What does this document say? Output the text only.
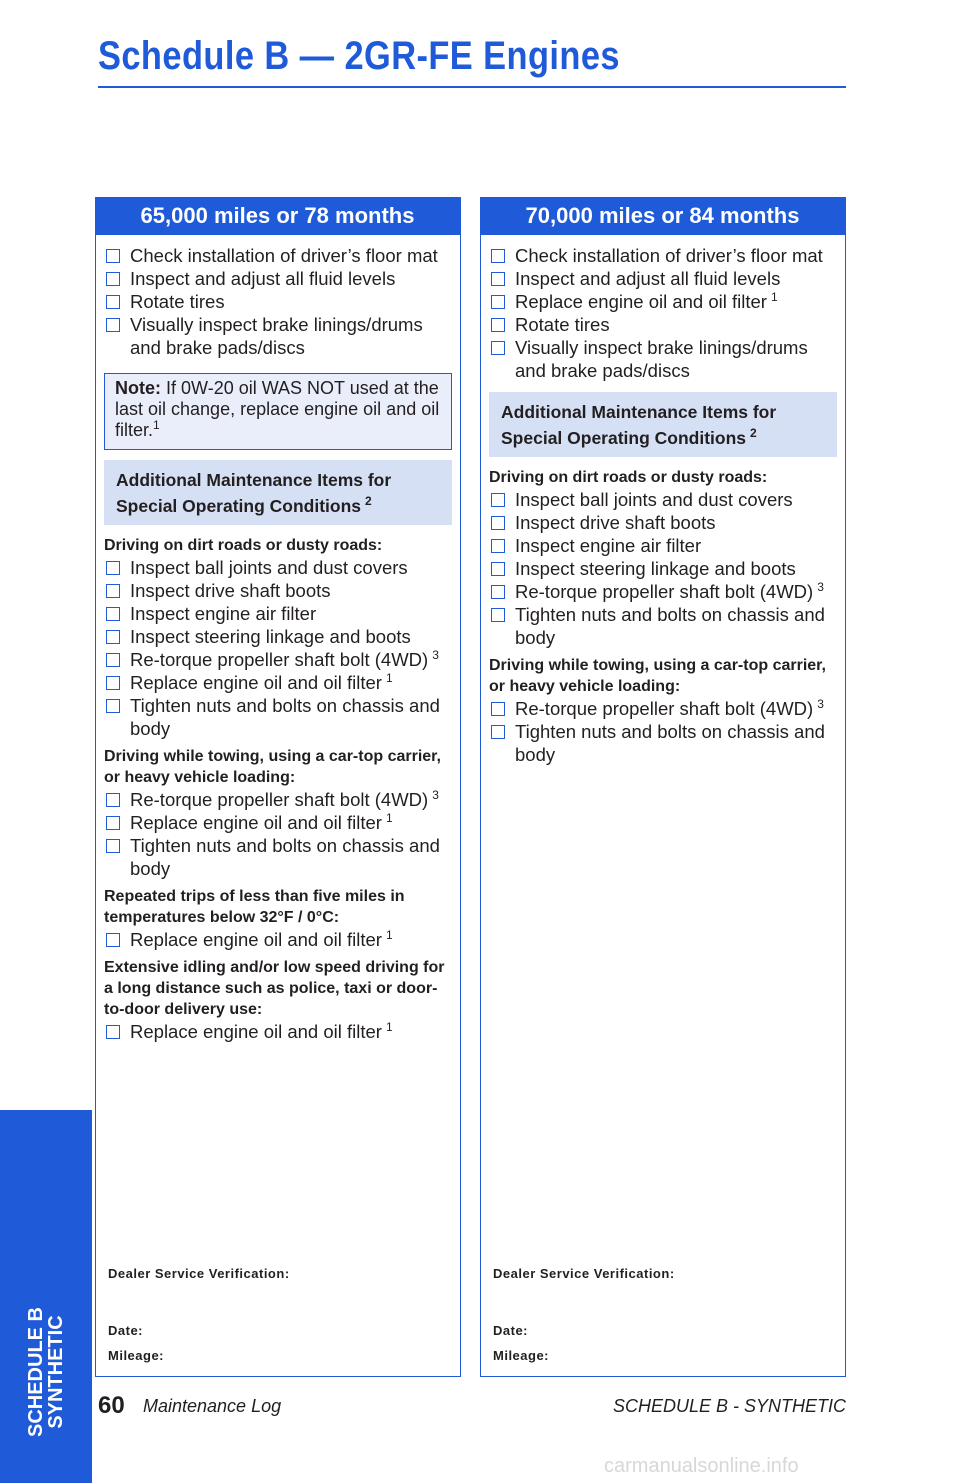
Schedule B — 2GR-FE Engines
SCHEDULE B
SYNTHETIC
65,000 miles or 78 months
Check installation of driver’s floor mat
Inspect and adjust all fluid levels
Rotate tires
Visually inspect brake linings/drums and brake pads/discs
Note: If 0W-20 oil WAS NOT used at the last oil change, replace engine oil and oil filter.$^1$
Additional Maintenance Items for Special Operating Conditions $^2$
Driving on dirt roads or dusty roads:
Inspect ball joints and dust covers
Inspect drive shaft boots
Inspect engine air filter
Inspect steering linkage and boots
Re-torque propeller shaft bolt (4WD) $^3$
Replace engine oil and oil filter $^1$
Tighten nuts and bolts on chassis and body
Driving while towing, using a car-top carrier, or heavy vehicle loading:
Re-torque propeller shaft bolt (4WD) $^3$
Replace engine oil and oil filter $^1$
Tighten nuts and bolts on chassis and body
Repeated trips of less than five miles in temperatures below 32°F / 0°C:
Replace engine oil and oil filter $^1$
Extensive idling and/or low speed driving for a long distance such as police, taxi or door-to-door delivery use:
Replace engine oil and oil filter $^1$
Dealer Service Verification:
Date:
Mileage:
70,000 miles or 84 months
Check installation of driver’s floor mat
Inspect and adjust all fluid levels
Replace engine oil and oil filter $^1$
Rotate tires
Visually inspect brake linings/drums and brake pads/discs
Additional Maintenance Items for Special Operating Conditions $^2$
Driving on dirt roads or dusty roads:
Inspect ball joints and dust covers
Inspect drive shaft boots
Inspect engine air filter
Inspect steering linkage and boots
Re-torque propeller shaft bolt (4WD) $^3$
Tighten nuts and bolts on chassis and body
Driving while towing, using a car-top carrier, or heavy vehicle loading:
Re-torque propeller shaft bolt (4WD) $^3$
Tighten nuts and bolts on chassis and body
Dealer Service Verification:
Date:
Mileage:
60 Maintenance Log	SCHEDULE B - SYNTHETIC
carmanualsonline.info
